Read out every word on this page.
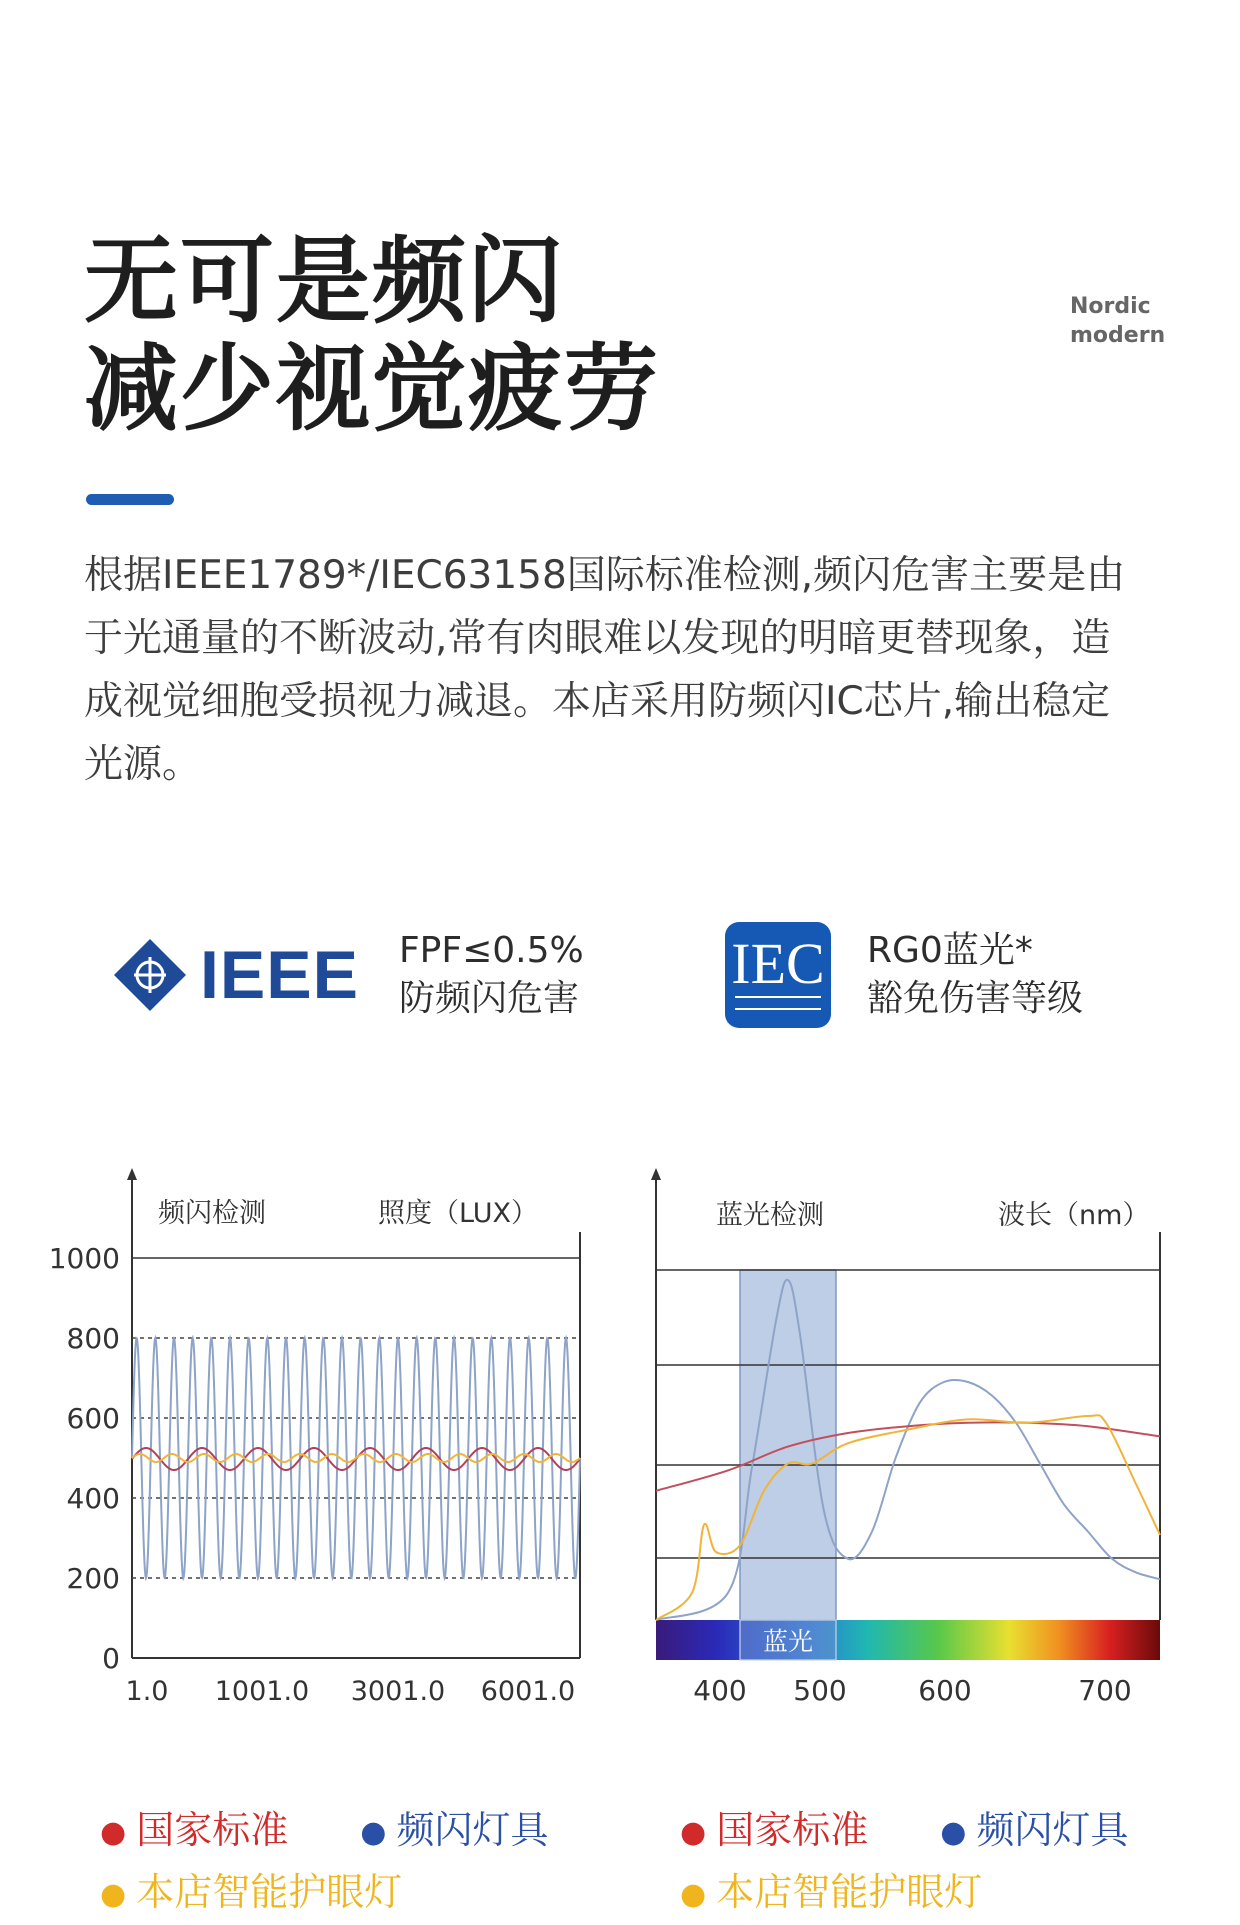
无可是频闪
减少视觉疲劳
Nordic
modern
根据IEEE1789*/IEC63158国际标准检测,频闪危害主要是由于光通量的不断波动,常有肉眼难以发现的明暗更替现象，造成视觉细胞受损视力减退。本店采用防频闪IC芯片,输出稳定光源。
IEEE FPF≤0.5%
防频闪危害
IEC RG0蓝光*
豁免伤害等级
0
200
400
600
800
1000
频闪检测	照度（LUX）
1.0 1001.0 3001.0 6001.0
蓝光
蓝光检测	波长（nm）
400 500	600	700
● 国家标准 ● 频闪灯具
● 本店智能护眼灯
● 国家标准 ● 频闪灯具
● 本店智能护眼灯
